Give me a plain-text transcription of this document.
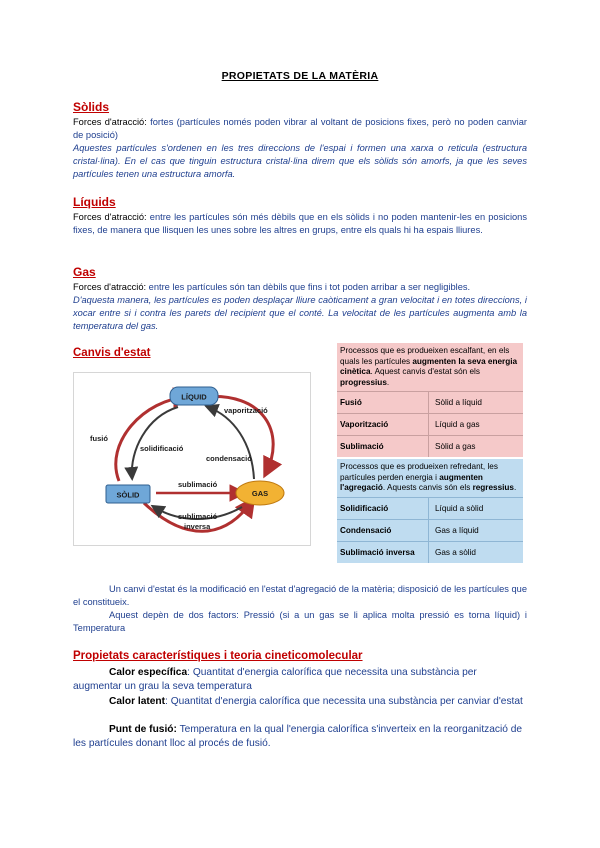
PROPIETATS DE LA MATÈRIA
Sòlids
Forces d'atracció: fortes (partícules només poden vibrar al voltant de posicions fixes, però no poden canviar de posició)
Aquestes partícules s'ordenen en les tres direccions de l'espai i formen una xarxa o reticula (estructura cristal·lina). En el cas que tinguin estructura cristal·lina direm que els sòlids són amorfs, ja que les seves partícules tenen una estructura amorfa.
Líquids
Forces d'atracció: entre les partícules són més dèbils que en els sòlids i no poden mantenir-les en posicions fixes, de manera que llisquen les unes sobre les altres en grups, entre els quals hi ha espais lliures.
Gas
Forces d'atracció: entre les partícules són tan dèbils que fins i tot poden arribar a ser negligibles.
D'aquesta manera, les partícules es poden desplaçar lliure caòticament a gran velocitat i en totes direccions, i xocar entre si i contra les parets del recipient que el conté. La velocitat de les partícules augmenta amb la temperatura del gas.
Canvis d'estat
LÍQUID
SÒLID	GAS
fusió
vaporització
solidificació
condensació
sublimació
sublimació
inversa
Processos que es produeixen escalfant, en els quals les partícules augmenten la seva energia cinètica. Aquest canvis d'estat són els progressius.
Fusió	Sòlid a líquid
Vaporització	Líquid a gas
Sublimació	Sòlid a gas
Processos que es produeixen refredant, les partícules perden energia i augmenten l'agregació. Aquests canvis són els regressius.
Solidificació	Líquid a sòlid
Condensació	Gas a líquid
Sublimació inversa	Gas a sòlid
Un canvi d'estat és la modificació en l'estat d'agregació de la matèria; disposició de les partícules que el constitueix.
Aquest depèn de dos factors: Pressió (si a un gas se li aplica molta pressió es torna líquid) i Temperatura
Propietats característiques i teoria cineticomolecular
Calor específica: Quantitat d'energia calorífica que necessita una substància per augmentar un grau la seva temperatura
Calor latent: Quantitat d'energia calorífica que necessita una substància per canviar d'estat
Punt de fusió: Temperatura en la qual l'energia calorífica s'inverteix en la reorganització de les partícules donant lloc al procés de fusió.
